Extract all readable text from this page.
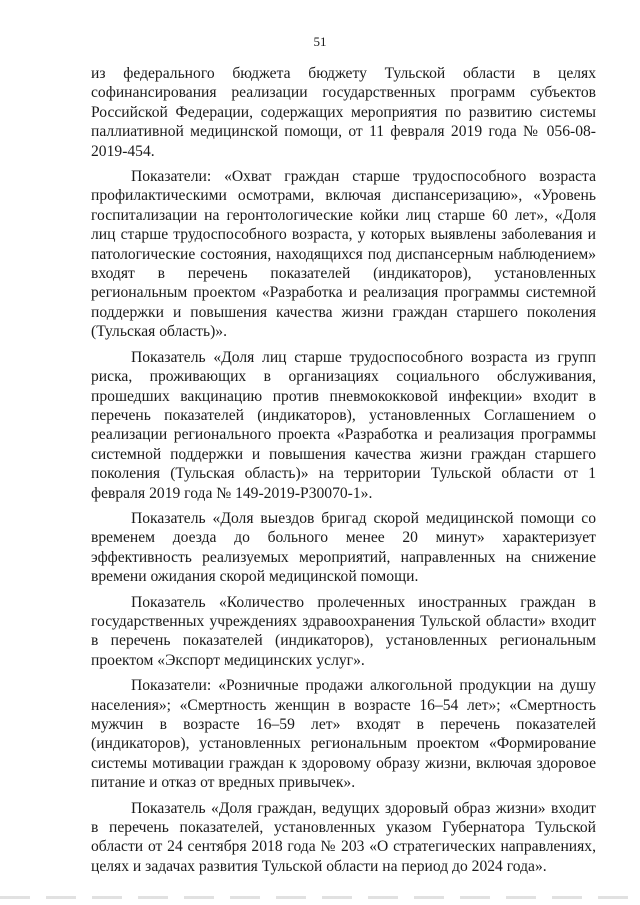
51

из федерального бюджета бюджету Тульской области в целях софинансирования реализации государственных программ субъектов Российской Федерации, содержащих мероприятия по развитию системы паллиативной медицинской помощи, от 11 февраля 2019 года № 056-08-2019-454.

Показатели: «Охват граждан старше трудоспособного возраста профилактическими осмотрами, включая диспансеризацию», «Уровень госпитализации на геронтологические койки лиц старше 60 лет», «Доля лиц старше трудоспособного возраста, у которых выявлены заболевания и патологические состояния, находящихся под диспансерным наблюдением» входят в перечень показателей (индикаторов), установленных региональным проектом «Разработка и реализация программы системной поддержки и повышения качества жизни граждан старшего поколения (Тульская область)».

Показатель «Доля лиц старше трудоспособного возраста из групп риска, проживающих в организациях социального обслуживания, прошедших вакцинацию против пневмококковой инфекции» входит в перечень показателей (индикаторов), установленных Соглашением о реализации регионального проекта «Разработка и реализация программы системной поддержки и повышения качества жизни граждан старшего поколения (Тульская область)» на территории Тульской области от 1 февраля 2019 года № 149-2019-Р30070-1».

Показатель «Доля выездов бригад скорой медицинской помощи со временем доезда до больного менее 20 минут» характеризует эффективность реализуемых мероприятий, направленных на снижение времени ожидания скорой медицинской помощи.

Показатель «Количество пролеченных иностранных граждан в государственных учреждениях здравоохранения Тульской области» входит в перечень показателей (индикаторов), установленных региональным проектом «Экспорт медицинских услуг».

Показатели: «Розничные продажи алкогольной продукции на душу населения»; «Смертность женщин в возрасте 16–54 лет»; «Смертность мужчин в возрасте 16–59 лет» входят в перечень показателей (индикаторов), установленных региональным проектом «Формирование системы мотивации граждан к здоровому образу жизни, включая здоровое питание и отказ от вредных привычек».

Показатель «Доля граждан, ведущих здоровый образ жизни» входит в перечень показателей, установленных указом Губернатора Тульской области от 24 сентября 2018 года № 203 «О стратегических направлениях, целях и задачах развития Тульской области на период до 2024 года».
